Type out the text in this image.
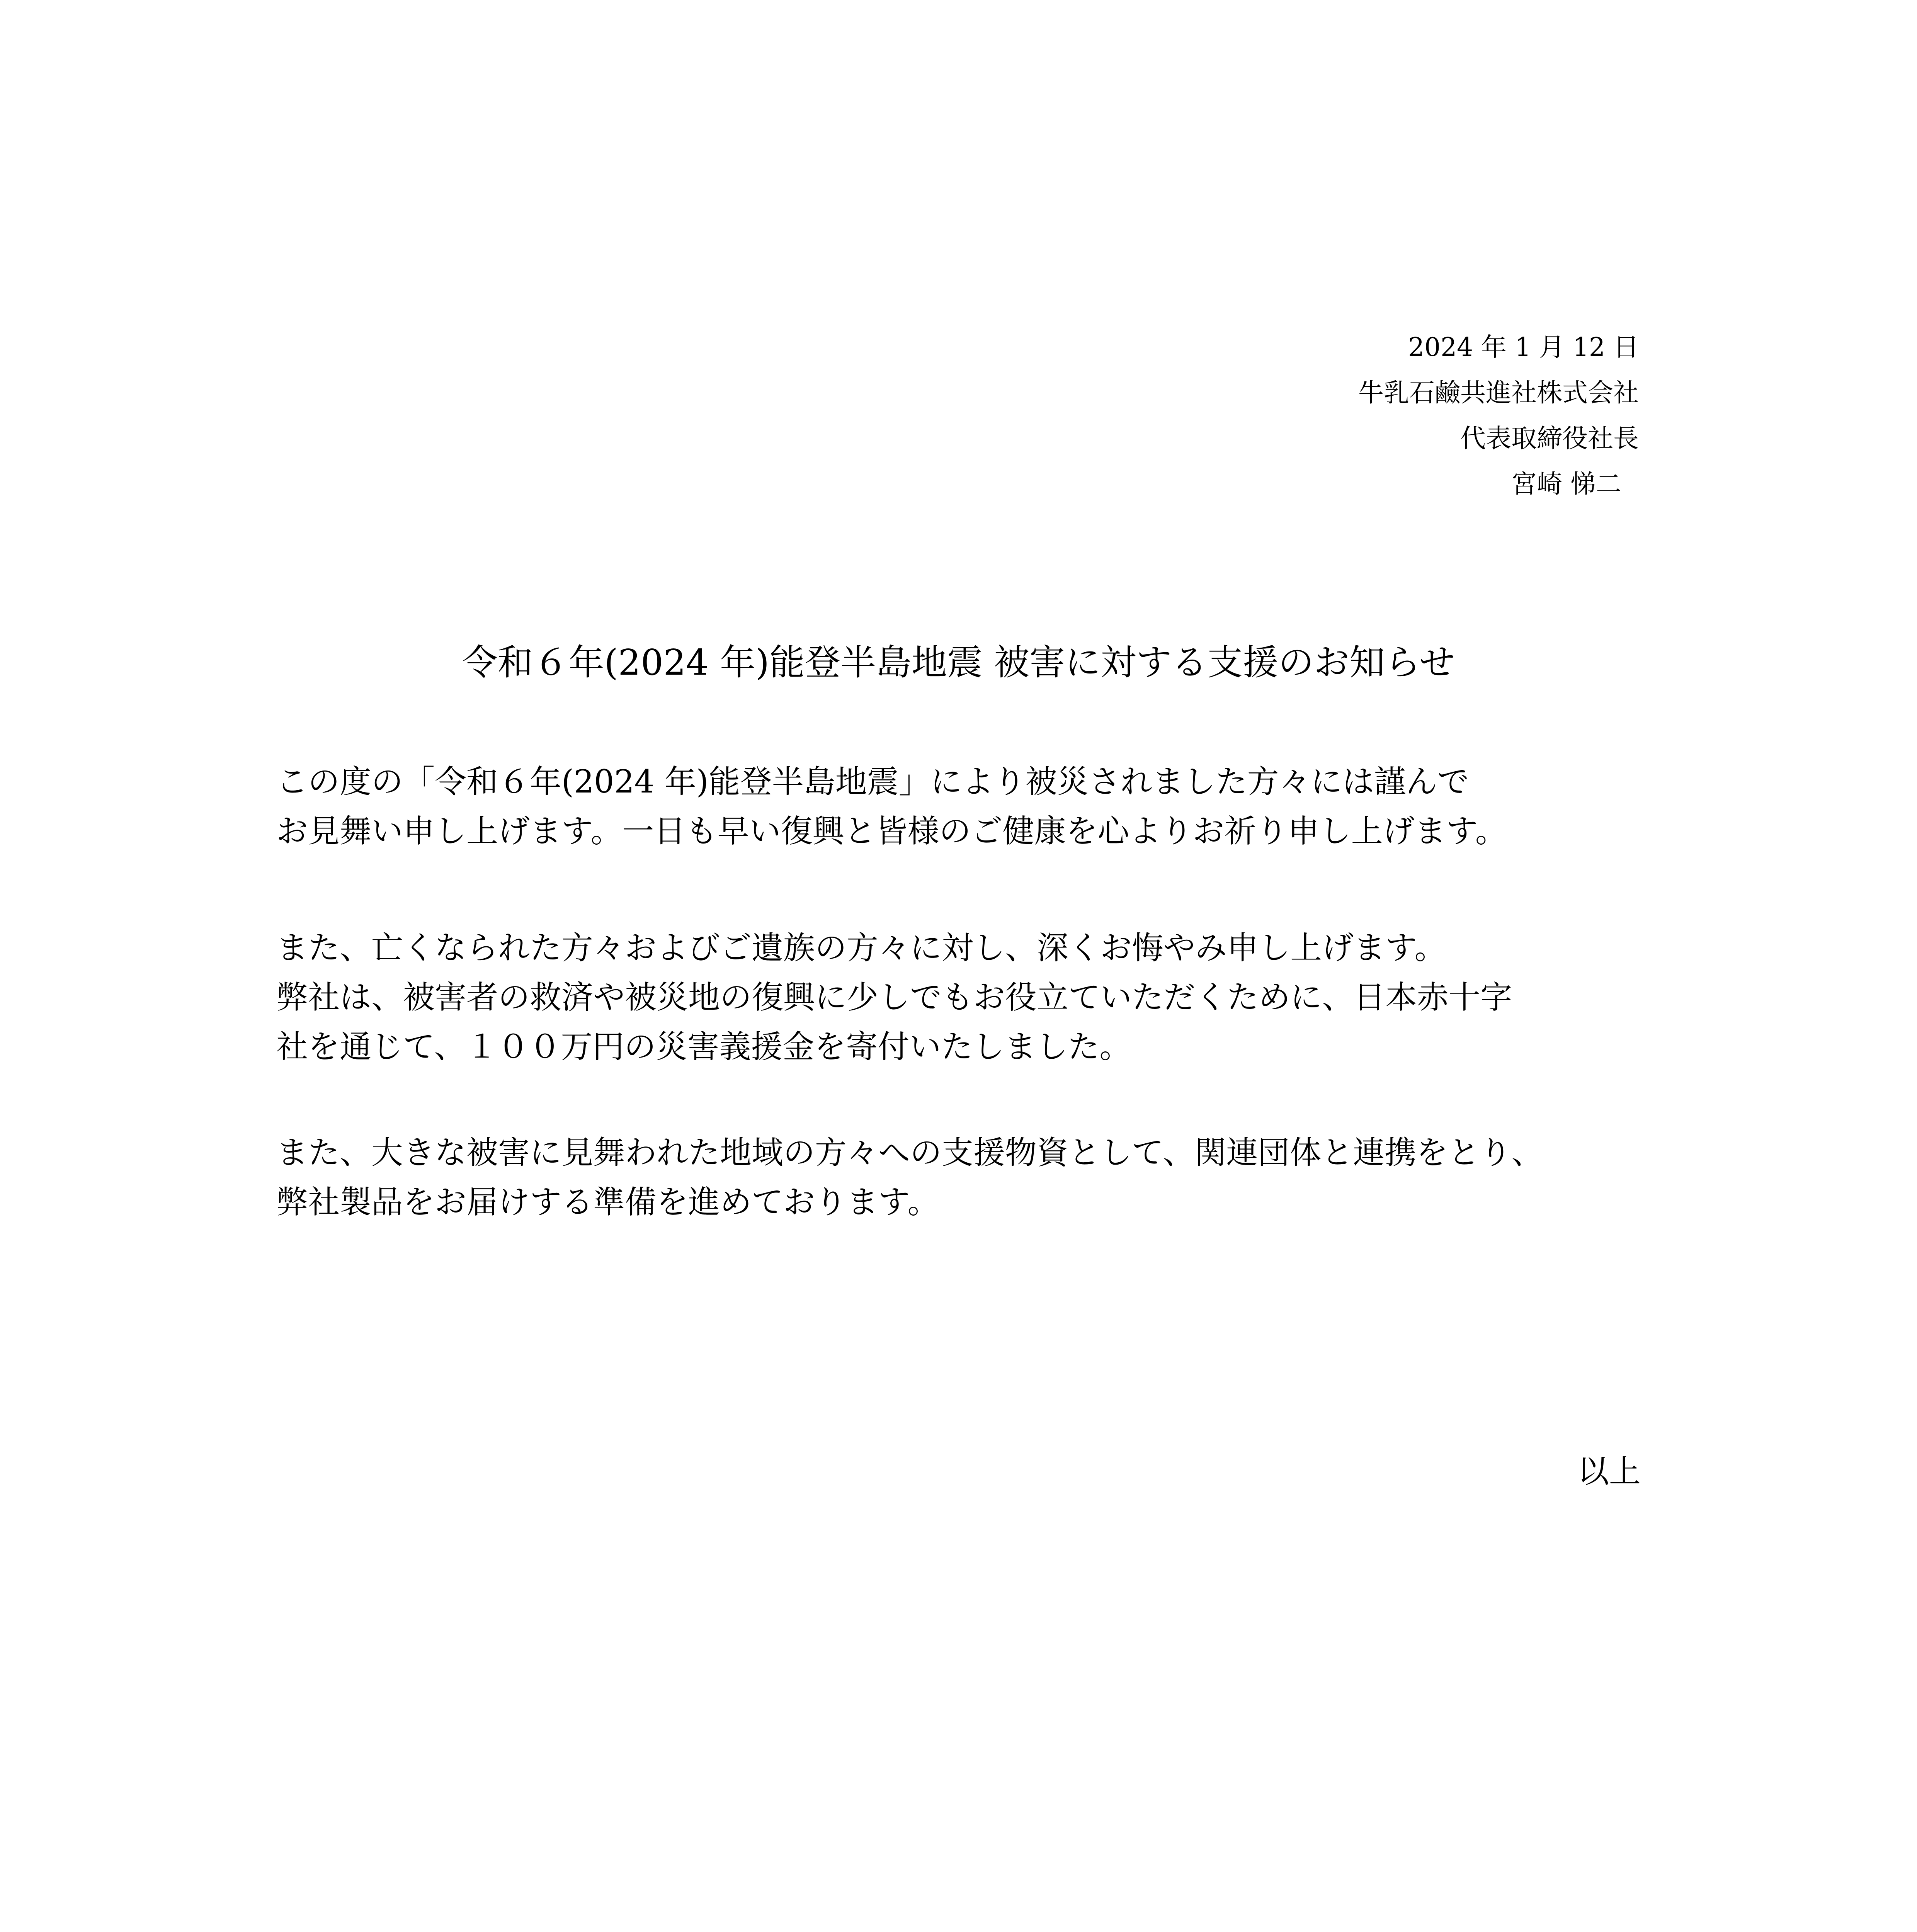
2024 年 1 月 12 日
牛乳石鹼共進社株式会社
代表取締役社長
宮崎 悌二
令和６年(2024 年)能登半島地震 被害に対する支援のお知らせ
この度の「令和６年(2024 年)能登半島地震」により被災されました方々には謹んで
お見舞い申し上げます。一日も早い復興と皆様のご健康を心よりお祈り申し上げます。
また、亡くなられた方々およびご遺族の方々に対し、深くお悔やみ申し上げます。
弊社は、被害者の救済や被災地の復興に少しでもお役立ていただくために、日本赤十字
社を通じて、１００万円の災害義援金を寄付いたしました。
また、大きな被害に見舞われた地域の方々への支援物資として、関連団体と連携をとり、
弊社製品をお届けする準備を進めております。
以上
